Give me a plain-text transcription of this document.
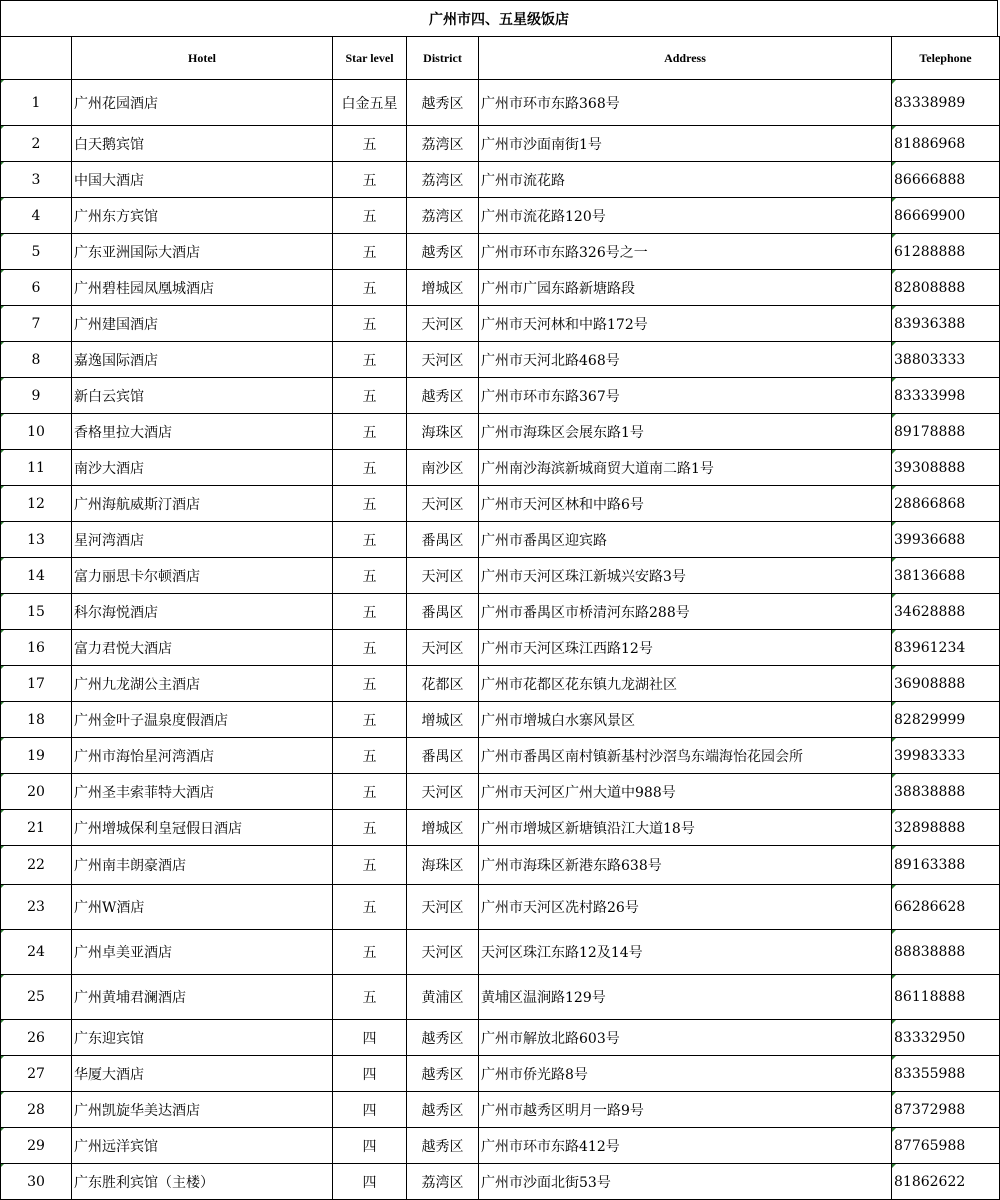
广州市四、五星级饭店
	Hotel	Star level	District	Address	Telephone
1	广州花园酒店	白金五星	越秀区	广州市环市东路368号	83338989
2	白天鹅宾馆	五	荔湾区	广州市沙面南街1号	81886968
3	中国大酒店	五	荔湾区	广州市流花路	86666888
4	广州东方宾馆	五	荔湾区	广州市流花路120号	86669900
5	广东亚洲国际大酒店	五	越秀区	广州市环市东路326号之一	61288888
6	广州碧桂园凤凰城酒店	五	增城区	广州市广园东路新塘路段	82808888
7	广州建国酒店	五	天河区	广州市天河林和中路172号	83936388
8	嘉逸国际酒店	五	天河区	广州市天河北路468号	38803333
9	新白云宾馆	五	越秀区	广州市环市东路367号	83333998
10	香格里拉大酒店	五	海珠区	广州市海珠区会展东路1号	89178888
11	南沙大酒店	五	南沙区	广州南沙海滨新城商贸大道南二路1号	39308888
12	广州海航威斯汀酒店	五	天河区	广州市天河区林和中路6号	28866868
13	星河湾酒店	五	番禺区	广州市番禺区迎宾路	39936688
14	富力丽思卡尔顿酒店	五	天河区	广州市天河区珠江新城兴安路3号	38136688
15	科尔海悦酒店	五	番禺区	广州市番禺区市桥清河东路288号	34628888
16	富力君悦大酒店	五	天河区	广州市天河区珠江西路12号	83961234
17	广州九龙湖公主酒店	五	花都区	广州市花都区花东镇九龙湖社区	36908888
18	广州金叶子温泉度假酒店	五	增城区	广州市增城白水寨风景区	82829999
19	广州市海怡星河湾酒店	五	番禺区	广州市番禺区南村镇新基村沙滘鸟东端海怡花园会所	39983333
20	广州圣丰索菲特大酒店	五	天河区	广州市天河区广州大道中988号	38838888
21	广州增城保利皇冠假日酒店	五	增城区	广州市增城区新塘镇沿江大道18号	32898888
22	广州南丰朗豪酒店	五	海珠区	广州市海珠区新港东路638号	89163388
23	广州W酒店	五	天河区	广州市天河区冼村路26号	66286628
24	广州卓美亚酒店	五	天河区	天河区珠江东路12及14号	88838888
25	广州黄埔君澜酒店	五	黄浦区	黄埔区温涧路129号	86118888
26	广东迎宾馆	四	越秀区	广州市解放北路603号	83332950
27	华厦大酒店	四	越秀区	广州市侨光路8号	83355988
28	广州凯旋华美达酒店	四	越秀区	广州市越秀区明月一路9号	87372988
29	广州远洋宾馆	四	越秀区	广州市环市东路412号	87765988
30	广东胜利宾馆（主楼）	四	荔湾区	广州市沙面北街53号	81862622
